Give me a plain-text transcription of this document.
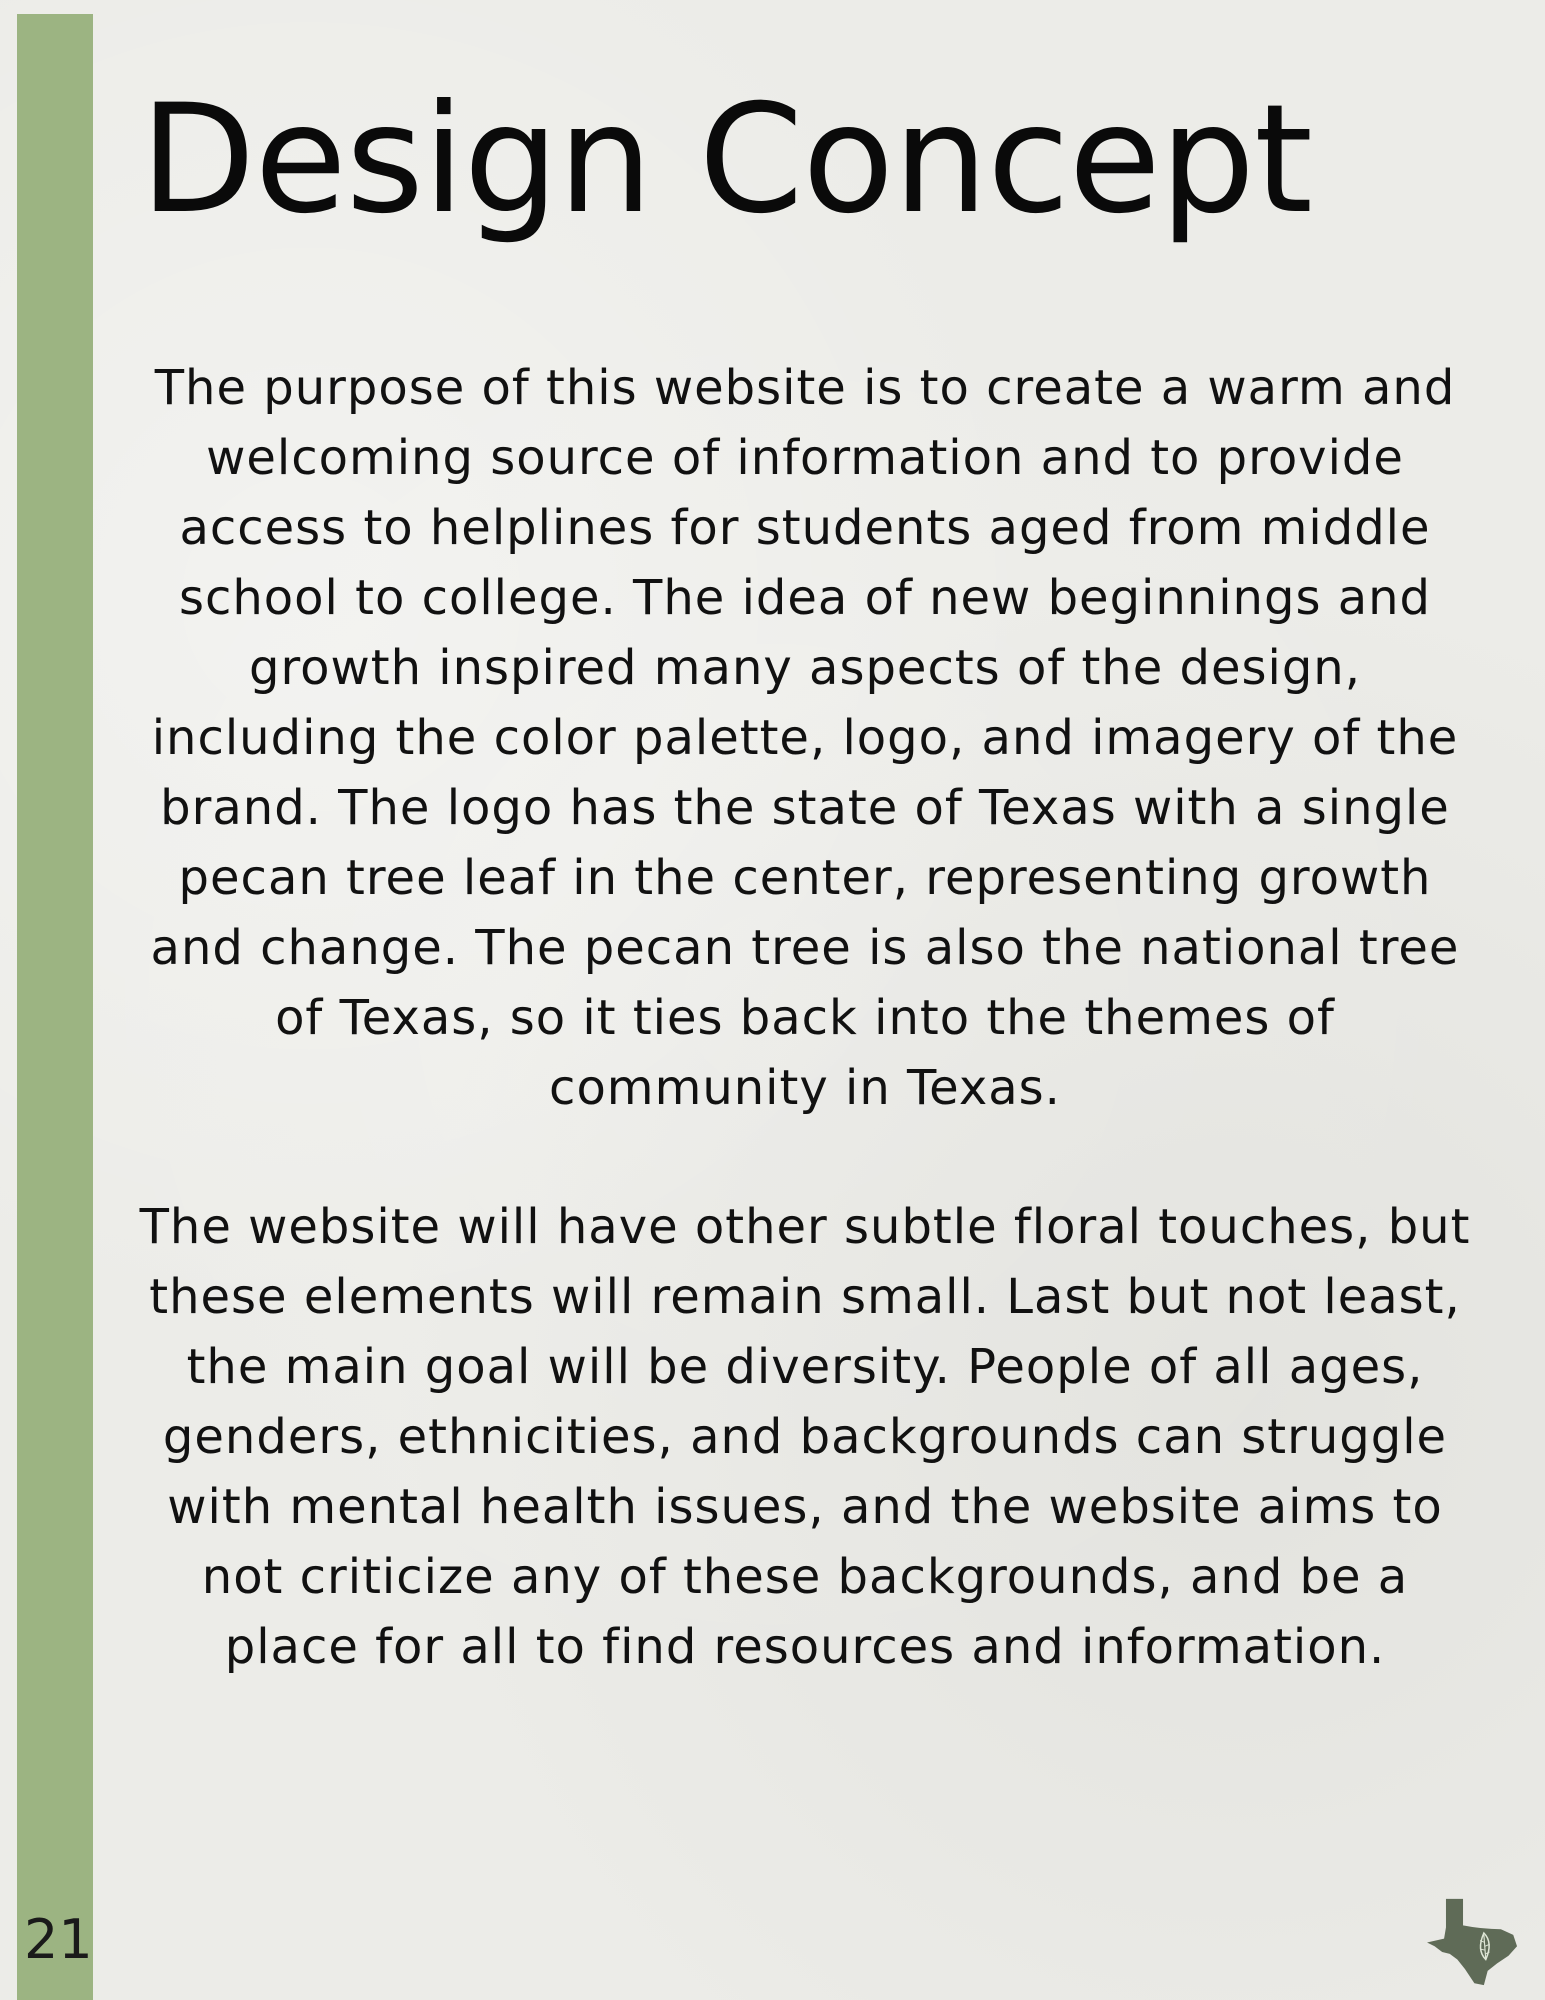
Design Concept

The purpose of this website is to create a warm and welcoming source of information and to provide access to helplines for students aged from middle school to college. The idea of new beginnings and growth inspired many aspects of the design, including the color palette, logo, and imagery of the brand. The logo has the state of Texas with a single pecan tree leaf in the center, representing growth and change. The pecan tree is also the national tree of Texas, so it ties back into the themes of community in Texas.

The website will have other subtle floral touches, but these elements will remain small. Last but not least, the main goal will be diversity. People of all ages, genders, ethnicities, and backgrounds can struggle with mental health issues, and the website aims to not criticize any of these backgrounds, and be a place for all to find resources and information.

21
